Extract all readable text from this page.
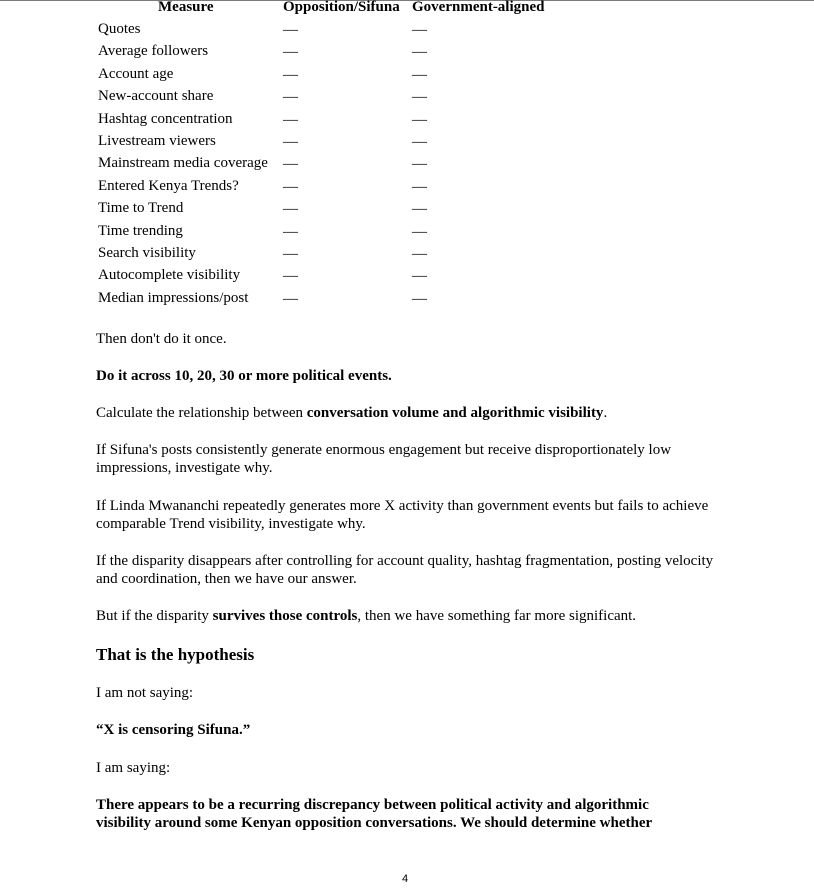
Measure	Opposition/Sifuna Government-aligned
Quotes	—	—
Average followers	—	—
Account age	—	—
New-account share	—	—
Hashtag concentration	—	—
Livestream viewers	—	—
Mainstream media coverage —	—
Entered Kenya Trends?	—	—
Time to Trend	—	—
Time trending	—	—
Search visibility	—	—
Autocomplete visibility	—	—
Median impressions/post —	—
Then don't do it once.
Do it across 10, 20, 30 or more political events.
Calculate the relationship between conversation volume and algorithmic visibility.
If Sifuna's posts consistently generate enormous engagement but receive disproportionately low impressions, investigate why.
If Linda Mwananchi repeatedly generates more X activity than government events but fails to achieve comparable Trend visibility, investigate why.
If the disparity disappears after controlling for account quality, hashtag fragmentation, posting velocity and coordination, then we have our answer.
But if the disparity survives those controls, then we have something far more significant.
That is the hypothesis
I am not saying:
“X is censoring Sifuna.”
I am saying:
There appears to be a recurring discrepancy between political activity and algorithmic visibility around some Kenyan opposition conversations. We should determine whether
4
